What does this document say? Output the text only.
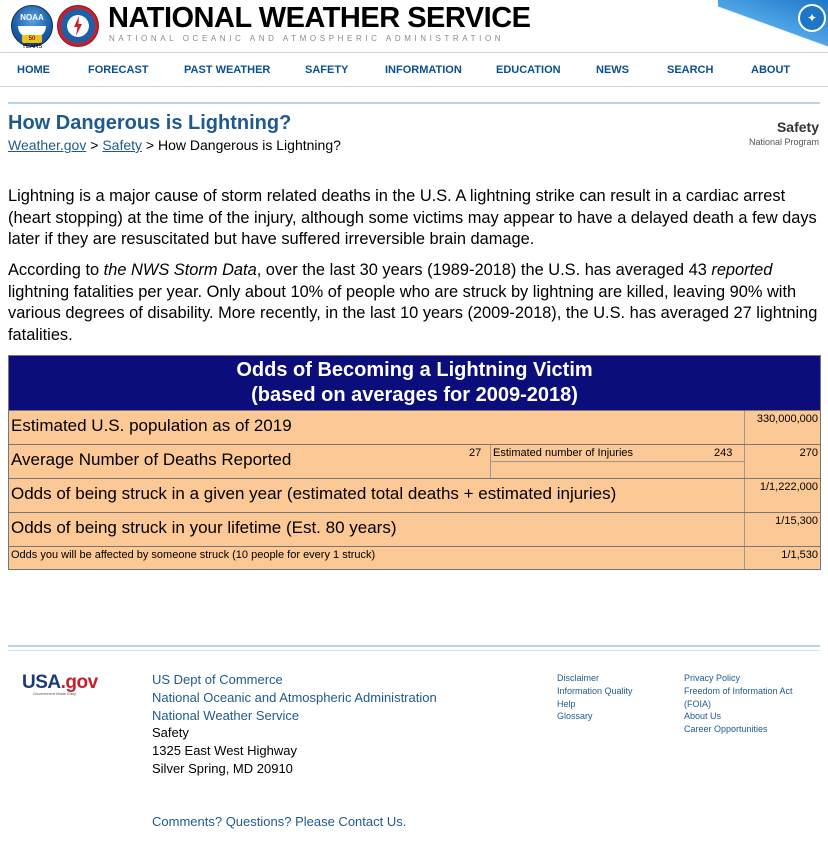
NOAA
50 YEARS
NATIONAL WEATHER SERVICE
NATIONAL OCEANIC AND ATMOSPHERIC ADMINISTRATION
✦
HOME	FORECAST	PAST WEATHER	SAFETY	INFORMATION	EDUCATION	NEWS	SEARCH	ABOUT
How Dangerous is Lightning?
Weather.gov > Safety > How Dangerous is Lightning?
Safety
National Program

Lightning is a major cause of storm related deaths in the U.S. A lightning strike can result in a cardiac arrest (heart stopping) at the time of the injury, although some victims may appear to have a delayed death a few days later if they are resuscitated but have suffered irreversible brain damage.

According to the NWS Storm Data, over the last 30 years (1989-2018) the U.S. has averaged 43 reported lightning fatalities per year. Only about 10% of people who are struck by lightning are killed, leaving 90% with various degrees of disability. More recently, in the last 10 years (2009-2018), the U.S. has averaged 27 lightning fatalities.

Odds of Becoming a Lightning Victim
(based on averages for 2009-2018)
Estimated U.S. population as of 2019	330,000,000
Average Number of Deaths Reported	27 Estimated number of Injuries	243	270
Odds of being struck in a given year (estimated total deaths + estimated injuries)	1/1,222,000
Odds of being struck in your lifetime (Est. 80 years)	1/15,300
Odds you will be affected by someone struck (10 people for every 1 struck)	1/1,530
USA.gov
Government Made Easy
US Dept of Commerce
National Oceanic and Atmospheric Administration
National Weather Service
Safety
1325 East West Highway
Silver Spring, MD 20910
Disclaimer
Information Quality
Help
Glossary
Privacy Policy
Freedom of Information Act
(FOIA)
About Us
Career Opportunities
Comments? Questions? Please Contact Us.
